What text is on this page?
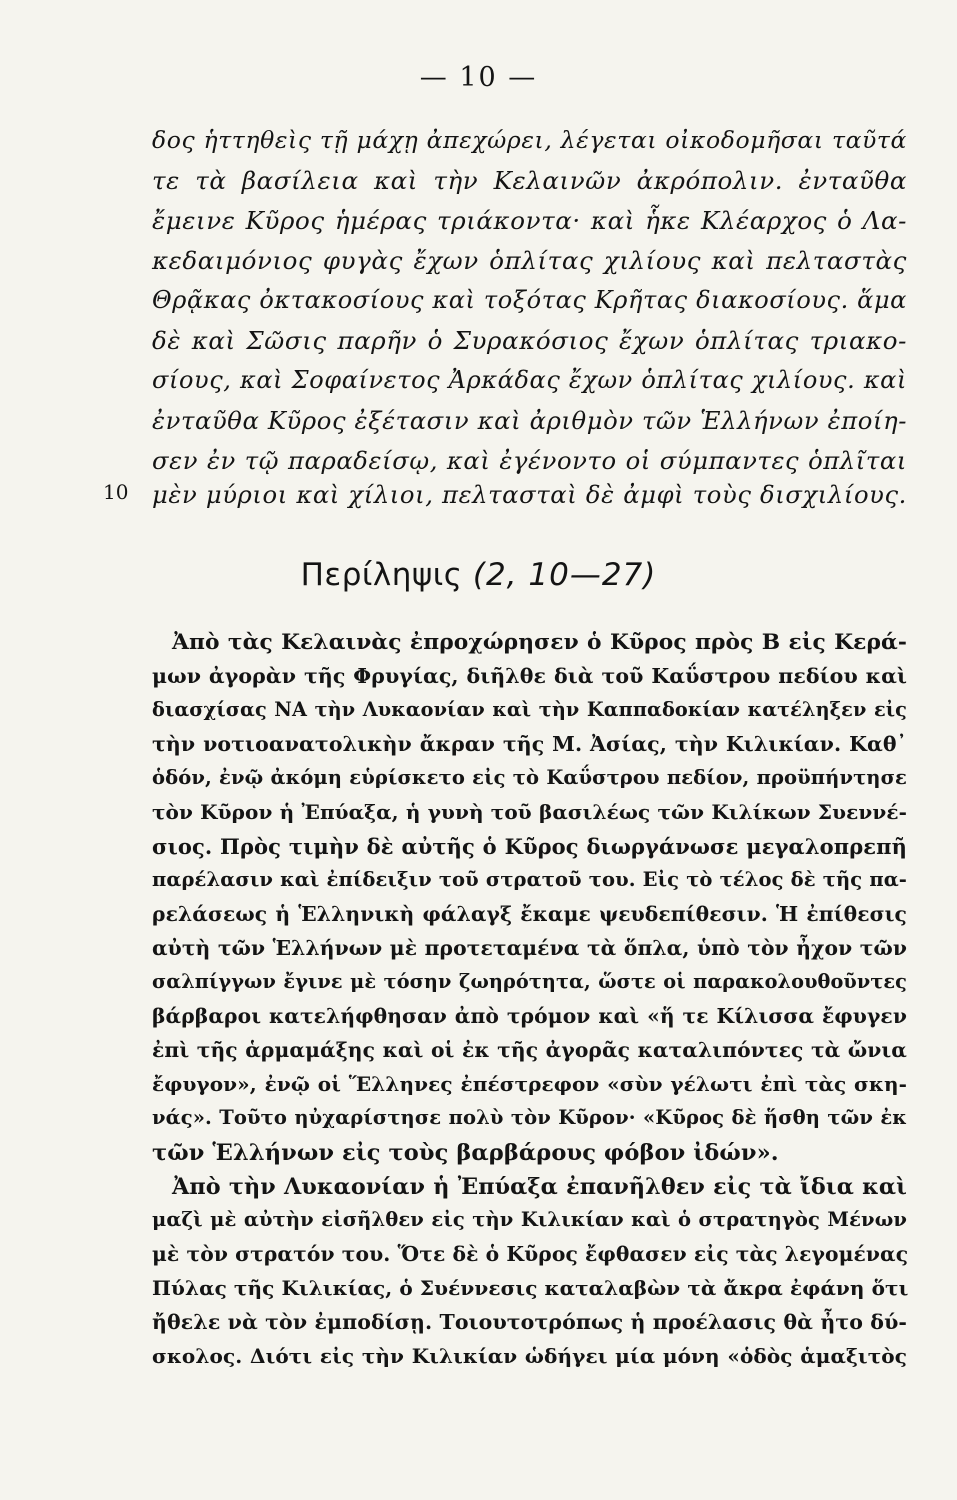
— 10 —
δος ἡττηθεὶς τῇ μάχῃ ἀπεχώρει, λέγεται οἰκοδομῆσαι ταῦτά
τε τὰ βασίλεια καὶ τὴν Κελαινῶν ἀκρόπολιν. ἐνταῦθα
ἔμεινε Κῦρος ἡμέρας τριάκοντα· καὶ ἧκε Κλέαρχος ὁ Λα-
κεδαιμόνιος φυγὰς ἔχων ὁπλίτας χιλίους καὶ πελταστὰς
Θρᾷκας ὀκτακοσίους καὶ τοξότας Κρῆτας διακοσίους. ἅμα
δὲ καὶ Σῶσις παρῆν ὁ Συρακόσιος ἔχων ὁπλίτας τριακο-
σίους, καὶ Σοφαίνετος Ἀρκάδας ἔχων ὁπλίτας χιλίους. καὶ
ἐνταῦθα Κῦρος ἐξέτασιν καὶ ἀριθμὸν τῶν Ἑλλήνων ἐποίη-
σεν ἐν τῷ παραδείσῳ, καὶ ἐγένοντο οἱ σύμπαντες ὁπλῖται
μὲν μύριοι καὶ χίλιοι, πελτασταὶ δὲ ἀμφὶ τοὺς δισχιλίους.
10
Περίληψις (2, 10—27)
Ἀπὸ τὰς Κελαινὰς ἐπροχώρησεν ὁ Κῦρος πρὸς Β εἰς Κερά-
μων ἀγορὰν τῆς Φρυγίας, διῆλθε διὰ τοῦ Καΰστρου πεδίου καὶ
διασχίσας ΝΑ τὴν Λυκαονίαν καὶ τὴν Καππαδοκίαν κατέληξεν εἰς
τὴν νοτιοανατολικὴν ἄκραν τῆς Μ. Ἀσίας, τὴν Κιλικίαν. Καθ᾽
ὁδόν, ἐνῷ ἀκόμη εὑρίσκετο εἰς τὸ Καΰστρου πεδίον, προϋπήντησε
τὸν Κῦρον ἡ Ἐπύαξα, ἡ γυνὴ τοῦ βασιλέως τῶν Κιλίκων Συεννέ-
σιος. Πρὸς τιμὴν δὲ αὐτῆς ὁ Κῦρος διωργάνωσε μεγαλοπρεπῆ
παρέλασιν καὶ ἐπίδειξιν τοῦ στρατοῦ του. Εἰς τὸ τέλος δὲ τῆς πα-
ρελάσεως ἡ Ἑλληνικὴ φάλαγξ ἔκαμε ψευδεπίθεσιν. Ἡ ἐπίθεσις
αὐτὴ τῶν Ἑλλήνων μὲ προτεταμένα τὰ ὅπλα, ὑπὸ τὸν ἦχον τῶν
σαλπίγγων ἔγινε μὲ τόσην ζωηρότητα, ὥστε οἱ παρακολουθοῦντες
βάρβαροι κατελήφθησαν ἀπὸ τρόμον καὶ «ἥ τε Κίλισσα ἔφυγεν
ἐπὶ τῆς ἁρμαμάξης καὶ οἱ ἐκ τῆς ἀγορᾶς καταλιπόντες τὰ ὤνια
ἔφυγον», ἐνῷ οἱ Ἕλληνες ἐπέστρεφον «σὺν γέλωτι ἐπὶ τὰς σκη-
νάς». Τοῦτο ηὐχαρίστησε πολὺ τὸν Κῦρον· «Κῦρος δὲ ἥσθη τῶν ἐκ
τῶν Ἑλλήνων εἰς τοὺς βαρβάρους φόβον ἰδών».
Ἀπὸ τὴν Λυκαονίαν ἡ Ἐπύαξα ἐπανῆλθεν εἰς τὰ ἴδια καὶ
μαζὶ μὲ αὐτὴν εἰσῆλθεν εἰς τὴν Κιλικίαν καὶ ὁ στρατηγὸς Μένων
μὲ τὸν στρατόν του. Ὅτε δὲ ὁ Κῦρος ἔφθασεν εἰς τὰς λεγομένας
Πύλας τῆς Κιλικίας, ὁ Συέννεσις καταλαβὼν τὰ ἄκρα ἐφάνη ὅτι
ἤθελε νὰ τὸν ἐμποδίσῃ. Τοιουτοτρόπως ἡ προέλασις θὰ ἦτο δύ-
σκολος. Διότι εἰς τὴν Κιλικίαν ὡδήγει μία μόνη «ὁδὸς ἁμαξιτὸς
